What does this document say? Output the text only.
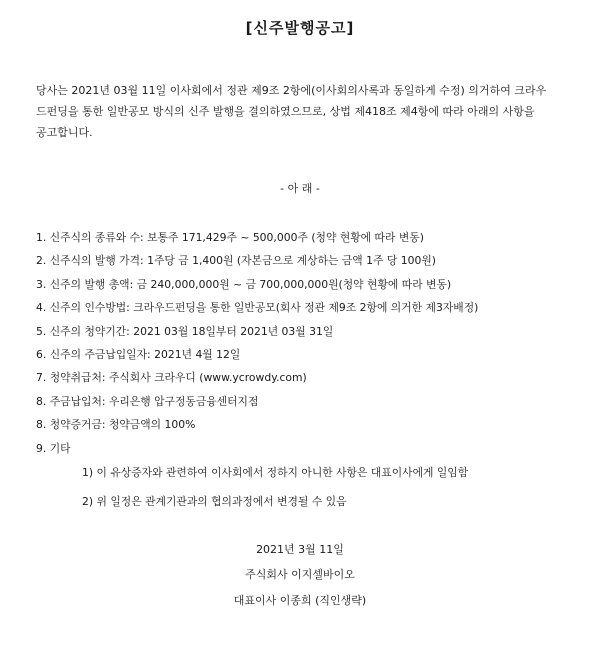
[신주발행공고]

당사는 2021년 03월 11일 이사회에서 정관 제9조 2항에(이사회의사록과 동일하게 수정) 의거하여 크라우
드펀딩을 통한 일반공모 방식의 신주 발행을 결의하였으므로, 상법 제418조 제4항에 따라 아래의 사항을
공고합니다.

- 아 래 -
1. 신주식의 종류와 수: 보통주 171,429주 ~ 500,000주 (청약 현황에 따라 변동)
2. 신주식의 발행 가격: 1주당 금 1,400원 (자본금으로 계상하는 금액 1주 당 100원)
3. 신주의 발행 총액: 금 240,000,000원 ~ 금 700,000,000원(청약 현황에 따라 변동)
4. 신주의 인수방법: 크라우드펀딩을 통한 일반공모(회사 정관 제9조 2항에 의거한 제3자배정)
5. 신주의 청약기간: 2021 03월 18일부터 2021년 03월 31일
6. 신주의 주금납입일자: 2021년 4월 12일
7. 청약취급처: 주식회사 크라우디 (www.ycrowdy.com)
8. 주금납입처: 우리은행 압구정동금융센터지점
8. 청약증거금: 청약금액의 100%
9. 기타
1) 이 유상증자와 관련하여 이사회에서 정하지 아니한 사항은 대표이사에게 일임함
2) 위 일정은 관계기관과의 협의과정에서 변경될 수 있음
2021년 3월 11일
주식회사 이지셀바이오
대표이사 이종희 (직인생략)
